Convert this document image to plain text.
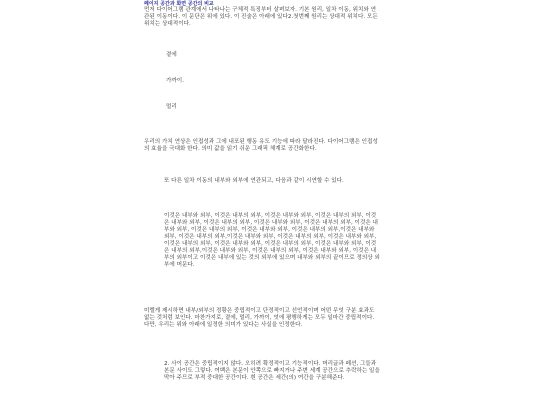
페이지 공간과 화면 공간의 비교

먼저 다이어그램 관계에서 나타나는 구체적 특징부터 살펴보자. 기본 원리, 일차 이동, 위치와 연관된 이동이다. 이 문단은 위에 있다. 이 진술은 아래에 있다2.첫번째 원리는 상대적 위치다. 모든 위치는 상대적이다.

곁에

가까이.

멀리

우리의 가치 연상은 인접성과 그에 내포된 행동 유도 기능에 따라 달라진다. 다이어그램은 인접성의 효율을 극대화 한다. 의미 값을 읽기 쉬운 그래픽 체계로 공간화한다.

또 다른 일차 이동의 내부와 외부에 연관되고, 다음과 같이 시연할 수 있다.

이것은 내부와 외부, 이것은 내부의 외부, 이것은 내부와 외부, 이것은 내부의 외부, 이것은 내부와 외부, 이것은 내부의 외부, 이것은 내부와 외부, 이것은 내부의 외부, 이것은 내부와 외부, 이것은 내부의 외부, 이것은 내부와 외부, 이것은 내부의 외부,이것은 내부와 외부, 이것은 내부의 외부,이것은 내부와 외부, 이것은 내부의 외부, 이것은 내부와 외부, 이것은 내부의 외부, 이것은 내부와 외부, 이것은 내부의 외부, 이것은 내부와 외부, 이것은 내부의 외부,이것은 내부와 외부, 이것은 내부의 외부, 이것은 내부와 외부, 이것은 내부의 외부이고 이것은 내부에 있는 것의 외부에 있으며 내부와 외부의 끝이므로 정의상 외부에 머문다.

미렐게 제시하면 내부/외부의 정황은 중립적이고 단정적이고 선언적이며 어떤 무엇 구분 효과도 없는 것처럼 보인다. 마찬가지로, 곁에, 멀리, 가까이, 엇에 평행하게는 모두 일마간 중립적이다. 다만, 우리는 위와 아래에 일정한 의미가 있다는 사실을 인정한다.

2. 사이 공간은 중립적이지 않다. 오히려 확정적이고 기능적이다. 머리글과 페션, 그들과 본문 사이도 그렇다. 여백은 본문이 안쪽으로 빠지거나 주변 세계 공간으로 추락하는 일을 막아 주므로 부적 중대한 공간이다. 흰 공간은 세간(의) 여간을 구분해준다.
